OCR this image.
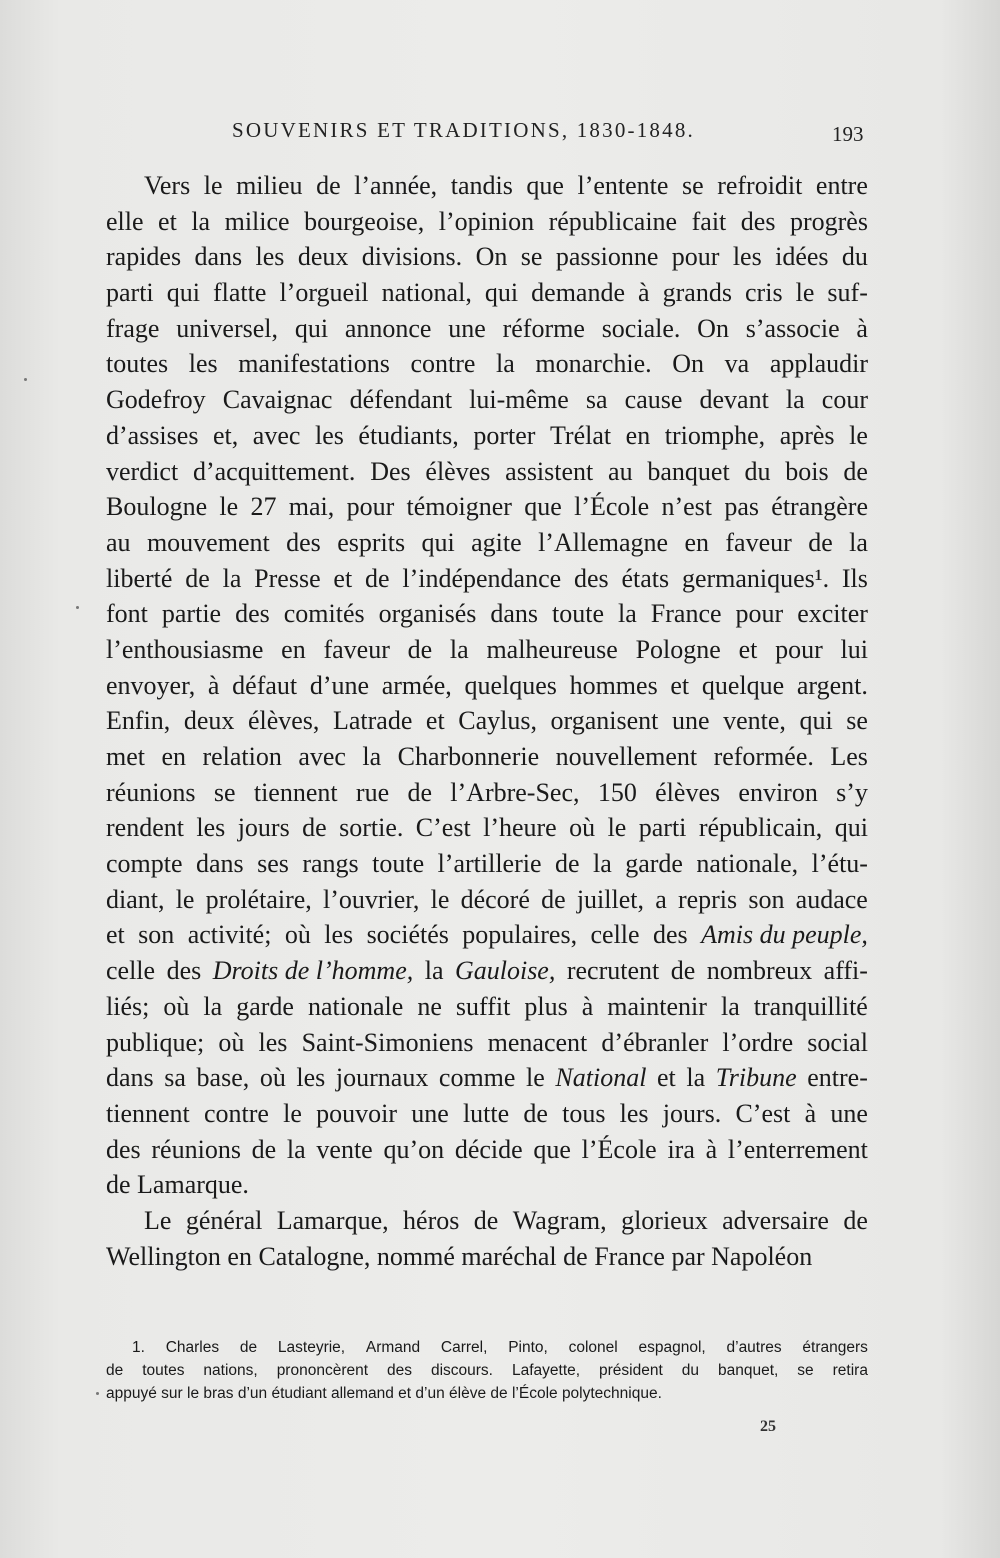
SOUVENIRS ET TRADITIONS, 1830-1848.	193
Vers le milieu de l’année, tandis que l’entente se refroidit entre
elle et la milice bourgeoise, l’opinion républicaine fait des progrès
rapides dans les deux divisions. On se passionne pour les idées du
parti qui flatte l’orgueil national, qui demande à grands cris le suf-
frage universel, qui annonce une réforme sociale. On s’associe à
toutes les manifestations contre la monarchie. On va applaudir
Godefroy Cavaignac défendant lui-même sa cause devant la cour
d’assises et, avec les étudiants, porter Trélat en triomphe, après le
verdict d’acquittement. Des élèves assistent au banquet du bois de
Boulogne le 27 mai, pour témoigner que l’École n’est pas étrangère
au mouvement des esprits qui agite l’Allemagne en faveur de la
liberté de la Presse et de l’indépendance des états germaniques¹. Ils
font partie des comités organisés dans toute la France pour exciter
l’enthousiasme en faveur de la malheureuse Pologne et pour lui
envoyer, à défaut d’une armée, quelques hommes et quelque argent.
Enfin, deux élèves, Latrade et Caylus, organisent une vente, qui se
met en relation avec la Charbonnerie nouvellement reformée. Les
réunions se tiennent rue de l’Arbre-Sec, 150 élèves environ s’y
rendent les jours de sortie. C’est l’heure où le parti républicain, qui
compte dans ses rangs toute l’artillerie de la garde nationale, l’étu-
diant, le prolétaire, l’ouvrier, le décoré de juillet, a repris son audace
et son activité; où les sociétés populaires, celle des Amis du peuple,
celle des Droits de l’homme, la Gauloise, recrutent de nombreux affi-
liés; où la garde nationale ne suffit plus à maintenir la tranquillité
publique; où les Saint-Simoniens menacent d’ébranler l’ordre social
dans sa base, où les journaux comme le National et la Tribune entre-
tiennent contre le pouvoir une lutte de tous les jours. C’est à une
des réunions de la vente qu’on décide que l’École ira à l’enterrement
de Lamarque.
Le général Lamarque, héros de Wagram, glorieux adversaire de
Wellington en Catalogne, nommé maréchal de France par Napoléon
1. Charles de Lasteyrie, Armand Carrel, Pinto, colonel espagnol, d’autres étrangers
de toutes nations, prononcèrent des discours. Lafayette, président du banquet, se retira
appuyé sur le bras d’un étudiant allemand et d’un élève de l’École polytechnique.
25
